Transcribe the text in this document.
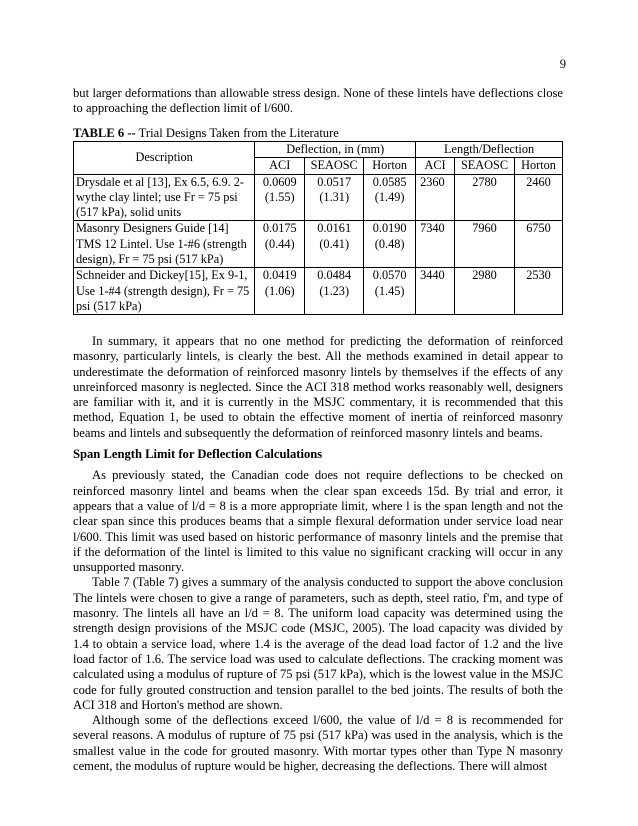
9

but larger deformations than allowable stress design. None of these lintels have deflections close to approaching the deflection limit of l/600.

TABLE 6 -- Trial Designs Taken from the Literature
Description	Deflection, in (mm)			Length/Deflection		
	ACI	SEAOSC	Horton	ACI	SEAOSC	Horton
Drysdale et al [13], Ex 6.5, 6.9. 2-wythe clay lintel; use Fr = 75 psi (517 kPa), solid units	0.0609 (1.55)	0.0517 (1.31)	0.0585 (1.49)	2360	2780	2460
Masonry Designers Guide [14] TMS 12 Lintel. Use 1-#6 (strength design), Fr = 75 psi (517 kPa)	0.0175 (0.44)	0.0161 (0.41)	0.0190 (0.48)	7340	7960	6750
Schneider and Dickey[15], Ex 9-1, Use 1-#4 (strength design), Fr = 75 psi (517 kPa)	0.0419 (1.06)	0.0484 (1.23)	0.0570 (1.45)	3440	2980	2530

In summary, it appears that no one method for predicting the deformation of reinforced masonry, particularly lintels, is clearly the best. All the methods examined in detail appear to underestimate the deformation of reinforced masonry lintels by themselves if the effects of any unreinforced masonry is neglected. Since the ACI 318 method works reasonably well, designers are familiar with it, and it is currently in the MSJC commentary, it is recommended that this method, Equation 1, be used to obtain the effective moment of inertia of reinforced masonry beams and lintels and subsequently the deformation of reinforced masonry lintels and beams.

Span Length Limit for Deflection Calculations

As previously stated, the Canadian code does not require deflections to be checked on reinforced masonry lintel and beams when the clear span exceeds 15d. By trial and error, it appears that a value of l/d = 8 is a more appropriate limit, where l is the span length and not the clear span since this produces beams that a simple flexural deformation under service load near l/600. This limit was used based on historic performance of masonry lintels and the premise that if the deformation of the lintel is limited to this value no significant cracking will occur in any unsupported masonry.

Table 7 (Table 7) gives a summary of the analysis conducted to support the above conclusion The lintels were chosen to give a range of parameters, such as depth, steel ratio, f'm, and type of masonry. The lintels all have an l/d = 8. The uniform load capacity was determined using the strength design provisions of the MSJC code (MSJC, 2005). The load capacity was divided by 1.4 to obtain a service load, where 1.4 is the average of the dead load factor of 1.2 and the live load factor of 1.6. The service load was used to calculate deflections. The cracking moment was calculated using a modulus of rupture of 75 psi (517 kPa), which is the lowest value in the MSJC code for fully grouted construction and tension parallel to the bed joints. The results of both the ACI 318 and Horton's method are shown.

Although some of the deflections exceed l/600, the value of l/d = 8 is recommended for several reasons. A modulus of rupture of 75 psi (517 kPa) was used in the analysis, which is the smallest value in the code for grouted masonry. With mortar types other than Type N masonry cement, the modulus of rupture would be higher, decreasing the deflections. There will almost
